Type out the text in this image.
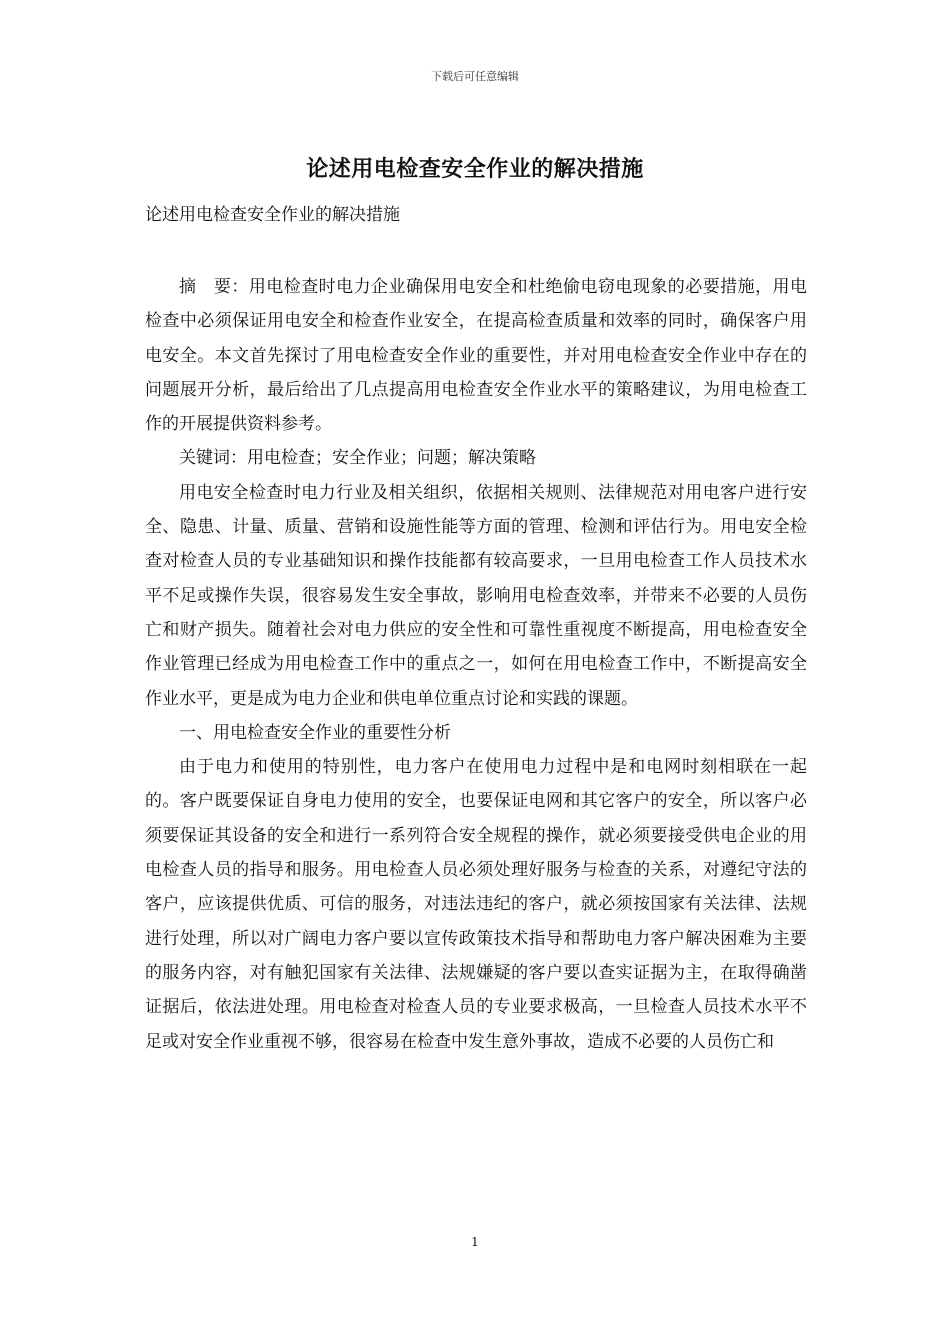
下载后可任意编辑
论述用电检查安全作业的解决措施
论述用电检查安全作业的解决措施

摘　要：用电检查时电力企业确保用电安全和杜绝偷电窃电现象的必要措施，用电检查中必须保证用电安全和检查作业安全，在提高检查质量和效率的同时，确保客户用电安全。本文首先探讨了用电检查安全作业的重要性，并对用电检查安全作业中存在的问题展开分析，最后给出了几点提高用电检查安全作业水平的策略建议，为用电检查工作的开展提供资料参考。

关键词：用电检查；安全作业；问题；解决策略

用电安全检查时电力行业及相关组织，依据相关规则、法律规范对用电客户进行安全、隐患、计量、质量、营销和设施性能等方面的管理、检测和评估行为。用电安全检查对检查人员的专业基础知识和操作技能都有较高要求，一旦用电检查工作人员技术水平不足或操作失误，很容易发生安全事故，影响用电检查效率，并带来不必要的人员伤亡和财产损失。随着社会对电力供应的安全性和可靠性重视度不断提高，用电检查安全作业管理已经成为用电检查工作中的重点之一，如何在用电检查工作中，不断提高安全作业水平，更是成为电力企业和供电单位重点讨论和实践的课题。

一、用电检查安全作业的重要性分析

由于电力和使用的特别性，电力客户在使用电力过程中是和电网时刻相联在一起的。客户既要保证自身电力使用的安全，也要保证电网和其它客户的安全，所以客户必须要保证其设备的安全和进行一系列符合安全规程的操作，就必须要接受供电企业的用电检查人员的指导和服务。用电检查人员必须处理好服务与检查的关系，对遵纪守法的客户，应该提供优质、可信的服务，对违法违纪的客户，就必须按国家有关法律、法规进行处理，所以对广阔电力客户要以宣传政策技术指导和帮助电力客户解决困难为主要的服务内容，对有触犯国家有关法律、法规嫌疑的客户要以查实证据为主，在取得确凿证据后，依法进处理。用电检查对检查人员的专业要求极高，一旦检查人员技术水平不足或对安全作业重视不够，很容易在检查中发生意外事故，造成不必要的人员伤亡和

1
